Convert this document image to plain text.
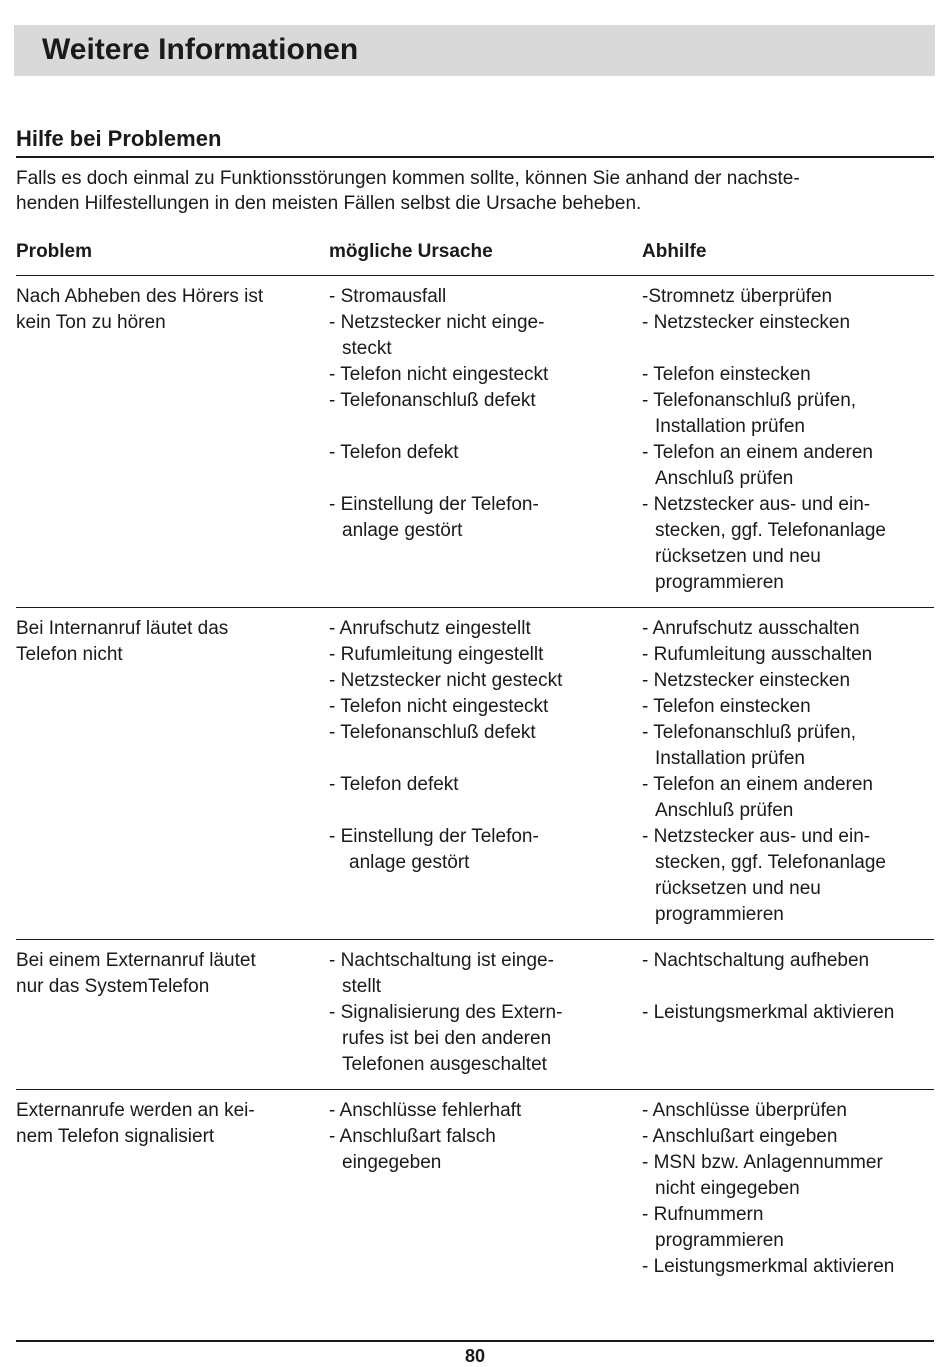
Weitere Informationen
Hilfe bei Problemen
Falls es doch einmal zu Funktionsstörungen kommen sollte, können Sie anhand der nachste-
henden Hilfestellungen in den meisten Fällen selbst die Ursache beheben.
Problem	mögliche Ursache	Abhilfe
Nach Abheben des Hörers ist
kein Ton zu hören
- Stromausfall
- Netzstecker nicht einge-
steckt
- Telefon nicht eingesteckt
- Telefonanschluß defekt
- Telefon defekt
- Einstellung der Telefon-
anlage gestört
-Stromnetz überprüfen
- Netzstecker einstecken
- Telefon einstecken
- Telefonanschluß prüfen,
Installation prüfen
- Telefon an einem anderen
Anschluß prüfen
- Netzstecker aus- und ein-
stecken, ggf. Telefonanlage
rücksetzen und neu
programmieren
Bei Internanruf läutet das
Telefon nicht
- Anrufschutz eingestellt
- Rufumleitung eingestellt
- Netzstecker nicht gesteckt
- Telefon nicht eingesteckt
- Telefonanschluß defekt
- Telefon defekt
- Einstellung der Telefon-
anlage gestört
- Anrufschutz ausschalten
- Rufumleitung ausschalten
- Netzstecker einstecken
- Telefon einstecken
- Telefonanschluß prüfen,
Installation prüfen
- Telefon an einem anderen
Anschluß prüfen
- Netzstecker aus- und ein-
stecken, ggf. Telefonanlage
rücksetzen und neu
programmieren
Bei einem Externanruf läutet
nur das SystemTelefon
- Nachtschaltung ist einge-
stellt
- Signalisierung des Extern-
rufes ist bei den anderen
Telefonen ausgeschaltet
- Nachtschaltung aufheben
- Leistungsmerkmal aktivieren
Externanrufe werden an kei-
nem Telefon signalisiert
- Anschlüsse fehlerhaft
- Anschlußart falsch
eingegeben
- Anschlüsse überprüfen
- Anschlußart eingeben
- MSN bzw. Anlagennummer
nicht eingegeben
- Rufnummern
programmieren
- Leistungsmerkmal aktivieren
80
